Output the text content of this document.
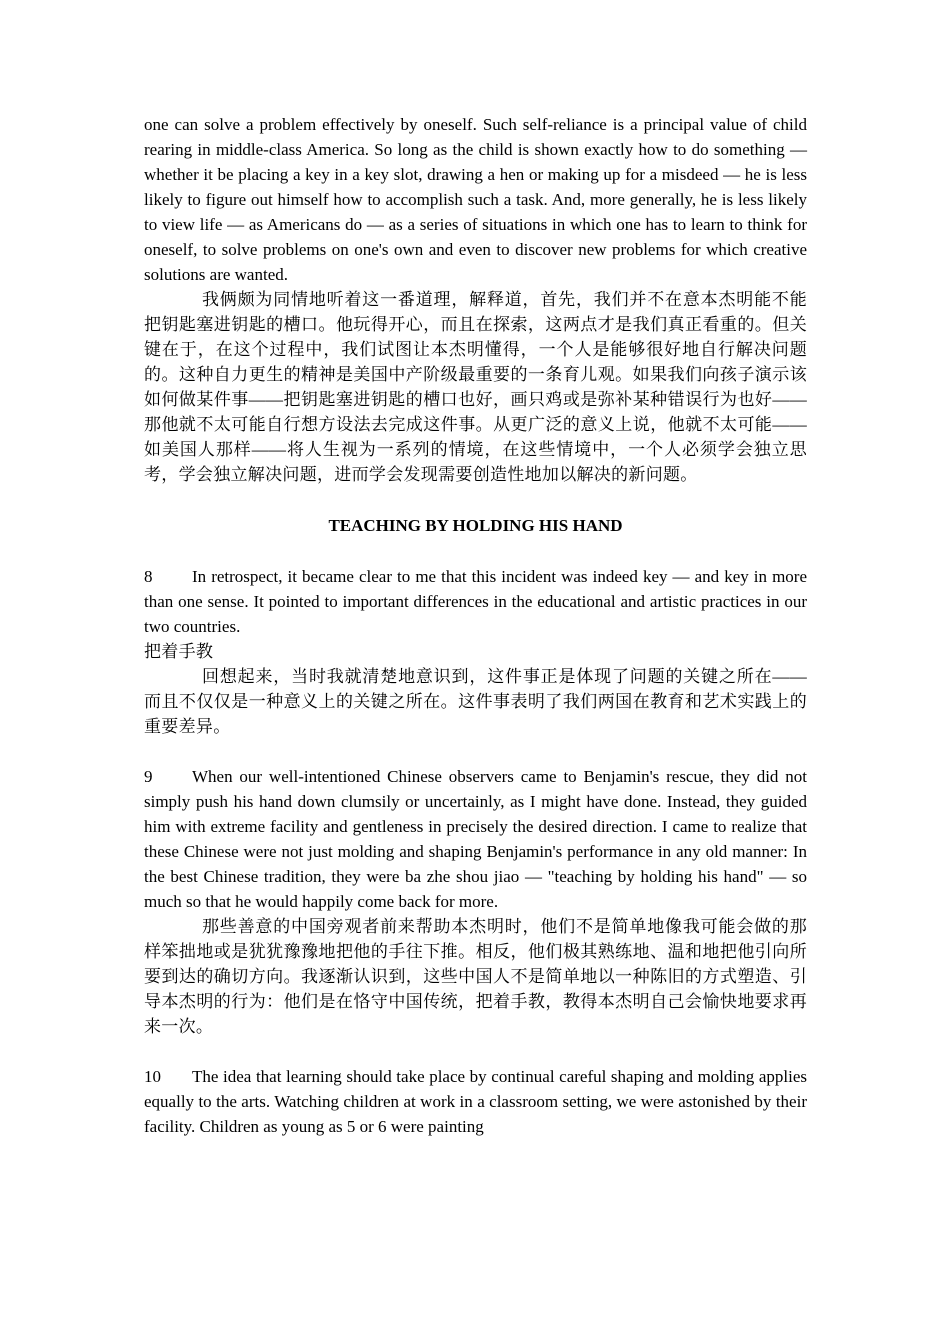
one can solve a problem effectively by oneself. Such self-reliance is a principal value of child rearing in middle-class America. So long as the child is shown exactly how to do something — whether it be placing a key in a key slot, drawing a hen or making up for a misdeed — he is less likely to figure out himself how to accomplish such a task. And, more generally, he is less likely to view life — as Americans do — as a series of situations in which one has to learn to think for oneself, to solve problems on one's own and even to discover new problems for which creative solutions are wanted.

我俩颇为同情地听着这一番道理，解释道，首先，我们并不在意本杰明能不能把钥匙塞进钥匙的槽口。他玩得开心，而且在探索，这两点才是我们真正看重的。但关键在于，在这个过程中，我们试图让本杰明懂得，一个人是能够很好地自行解决问题的。这种自力更生的精神是美国中产阶级最重要的一条育儿观。如果我们向孩子演示该如何做某件事——把钥匙塞进钥匙的槽口也好，画只鸡或是弥补某种错误行为也好——那他就不太可能自行想方设法去完成这件事。从更广泛的意义上说，他就不太可能——如美国人那样——将人生视为一系列的情境，在这些情境中，一个人必须学会独立思考，学会独立解决问题，进而学会发现需要创造性地加以解决的新问题。

TEACHING BY HOLDING HIS HAND

8 In retrospect, it became clear to me that this incident was indeed key — and key in more than one sense. It pointed to important differences in the educational and artistic practices in our two countries.

把着手教

回想起来，当时我就清楚地意识到，这件事正是体现了问题的关键之所在——而且不仅仅是一种意义上的关键之所在。这件事表明了我们两国在教育和艺术实践上的重要差异。

9 When our well-intentioned Chinese observers came to Benjamin's rescue, they did not simply push his hand down clumsily or uncertainly, as I might have done. Instead, they guided him with extreme facility and gentleness in precisely the desired direction. I came to realize that these Chinese were not just molding and shaping Benjamin's performance in any old manner: In the best Chinese tradition, they were ba zhe shou jiao — "teaching by holding his hand" — so much so that he would happily come back for more.

那些善意的中国旁观者前来帮助本杰明时，他们不是简单地像我可能会做的那样笨拙地或是犹犹豫豫地把他的手往下推。相反，他们极其熟练地、温和地把他引向所要到达的确切方向。我逐渐认识到，这些中国人不是简单地以一种陈旧的方式塑造、引导本杰明的行为：他们是在恪守中国传统，把着手教，教得本杰明自己会愉快地要求再来一次。

10 The idea that learning should take place by continual careful shaping and molding applies equally to the arts. Watching children at work in a classroom setting, we were astonished by their facility. Children as young as 5 or 6 were painting
